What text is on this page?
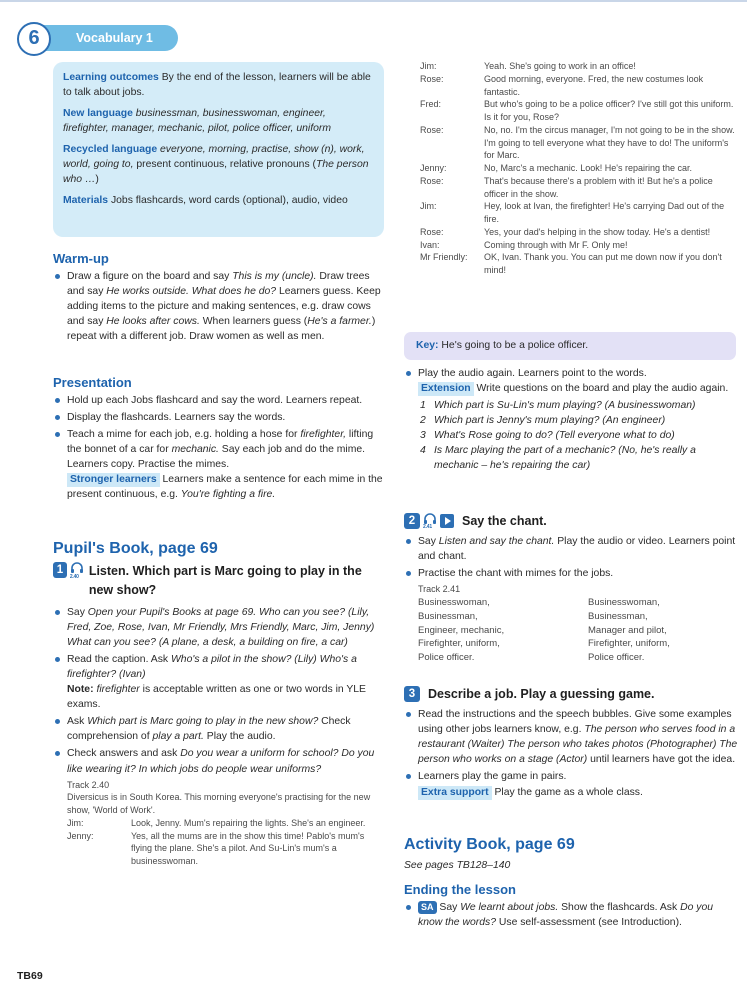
Vocabulary 1
6

Learning outcomes By the end of the lesson, learners will be able to talk about jobs.

New language businessman, businesswoman, engineer, firefighter, manager, mechanic, pilot, police officer, uniform

Recycled language everyone, morning, practise, show (n), work, world, going to, present continuous, relative pronouns (The person who …)

Materials Jobs flashcards, word cards (optional), audio, video

Warm-up
Draw a figure on the board and say This is my (uncle). Draw trees and say He works outside. What does he do? Learners guess. Keep adding items to the picture and making sentences, e.g. draw cows and say He looks after cows. When learners guess (He's a farmer.) repeat with a different job. Draw women as well as men.
Presentation
Hold up each Jobs flashcard and say the word. Learners repeat.
Display the flashcards. Learners say the words.
Teach a mime for each job, e.g. holding a hose for firefighter, lifting the bonnet of a car for mechanic. Say each job and do the mime. Learners copy. Practise the mimes.
Stronger learners Learners make a sentence for each mime in the present continuous, e.g. You're fighting a fire.
Pupil's Book, page 69
1
2.40 Listen. Which part is Marc going to play in the new show?
Say Open your Pupil's Books at page 69. Who can you see? (Lily, Fred, Zoe, Rose, Ivan, Mr Friendly, Mrs Friendly, Marc, Jim, Jenny) What can you see? (A plane, a desk, a building on fire, a car)
Read the caption. Ask Who's a pilot in the show? (Lily) Who's a firefighter? (Ivan)
Note: firefighter is acceptable written as one or two words in YLE exams.
Ask Which part is Marc going to play in the new show? Check comprehension of play a part. Play the audio.
Check answers and ask Do you wear a uniform for school? Do you like wearing it? In which jobs do people wear uniforms?
Track 2.40
Diversicus is in South Korea. This morning everyone's practising for the new show, 'World of Work'.
Jim:	Look, Jenny. Mum's repairing the lights. She's an engineer.
Jenny:	Yes, all the mums are in the show this time! Pablo's mum's flying the plane. She's a pilot. And Su-Lin's mum's a businesswoman.
Jim:	Yeah. She's going to work in an office!
Rose:	Good morning, everyone. Fred, the new costumes look fantastic.
Fred:	But who's going to be a police officer? I've still got this uniform. Is it for you, Rose?
Rose:	No, no. I'm the circus manager, I'm not going to be in the show. I'm going to tell everyone what they have to do! The uniform's for Marc.
Jenny:	No, Marc's a mechanic. Look! He's repairing the car.
Rose:	That's because there's a problem with it! But he's a police officer in the show.
Jim:	Hey, look at Ivan, the firefighter! He's carrying Dad out of the fire.
Rose:	Yes, your dad's helping in the show today. He's a dentist!
Ivan:	Coming through with Mr F. Only me!
Mr Friendly:	OK, Ivan. Thank you. You can put me down now if you don't mind!
Key: He's going to be a police officer.
Play the audio again. Learners point to the words.
Extension Write questions on the board and play the audio again.
1 Which part is Su-Lin's mum playing? (A businesswoman)
2 Which part is Jenny's mum playing? (An engineer)
3 What's Rose going to do? (Tell everyone what to do)
4 Is Marc playing the part of a mechanic? (No, he's really a mechanic – he's repairing the car)
2
2.41 Say the chant.
Say Listen and say the chant. Play the audio or video. Learners point and chant.
Practise the chant with mimes for the jobs.
Track 2.41
Businesswoman,	Businesswoman,
Businessman,	Businessman,
Engineer, mechanic,	Manager and pilot,
Firefighter, uniform,	Firefighter, uniform,
Police officer.	Police officer.
3	Describe a job. Play a guessing game.
Read the instructions and the speech bubbles. Give some examples using other jobs learners know, e.g. The person who serves food in a restaurant (Waiter) The person who takes photos (Photographer) The person who works on a stage (Actor) until learners have got the idea.
Learners play the game in pairs.
Extra support Play the game as a whole class.
Activity Book, page 69
See pages TB128–140
Ending the lesson
SA Say We learnt about jobs. Show the flashcards. Ask Do you know the words? Use self-assessment (see Introduction).
TB69
